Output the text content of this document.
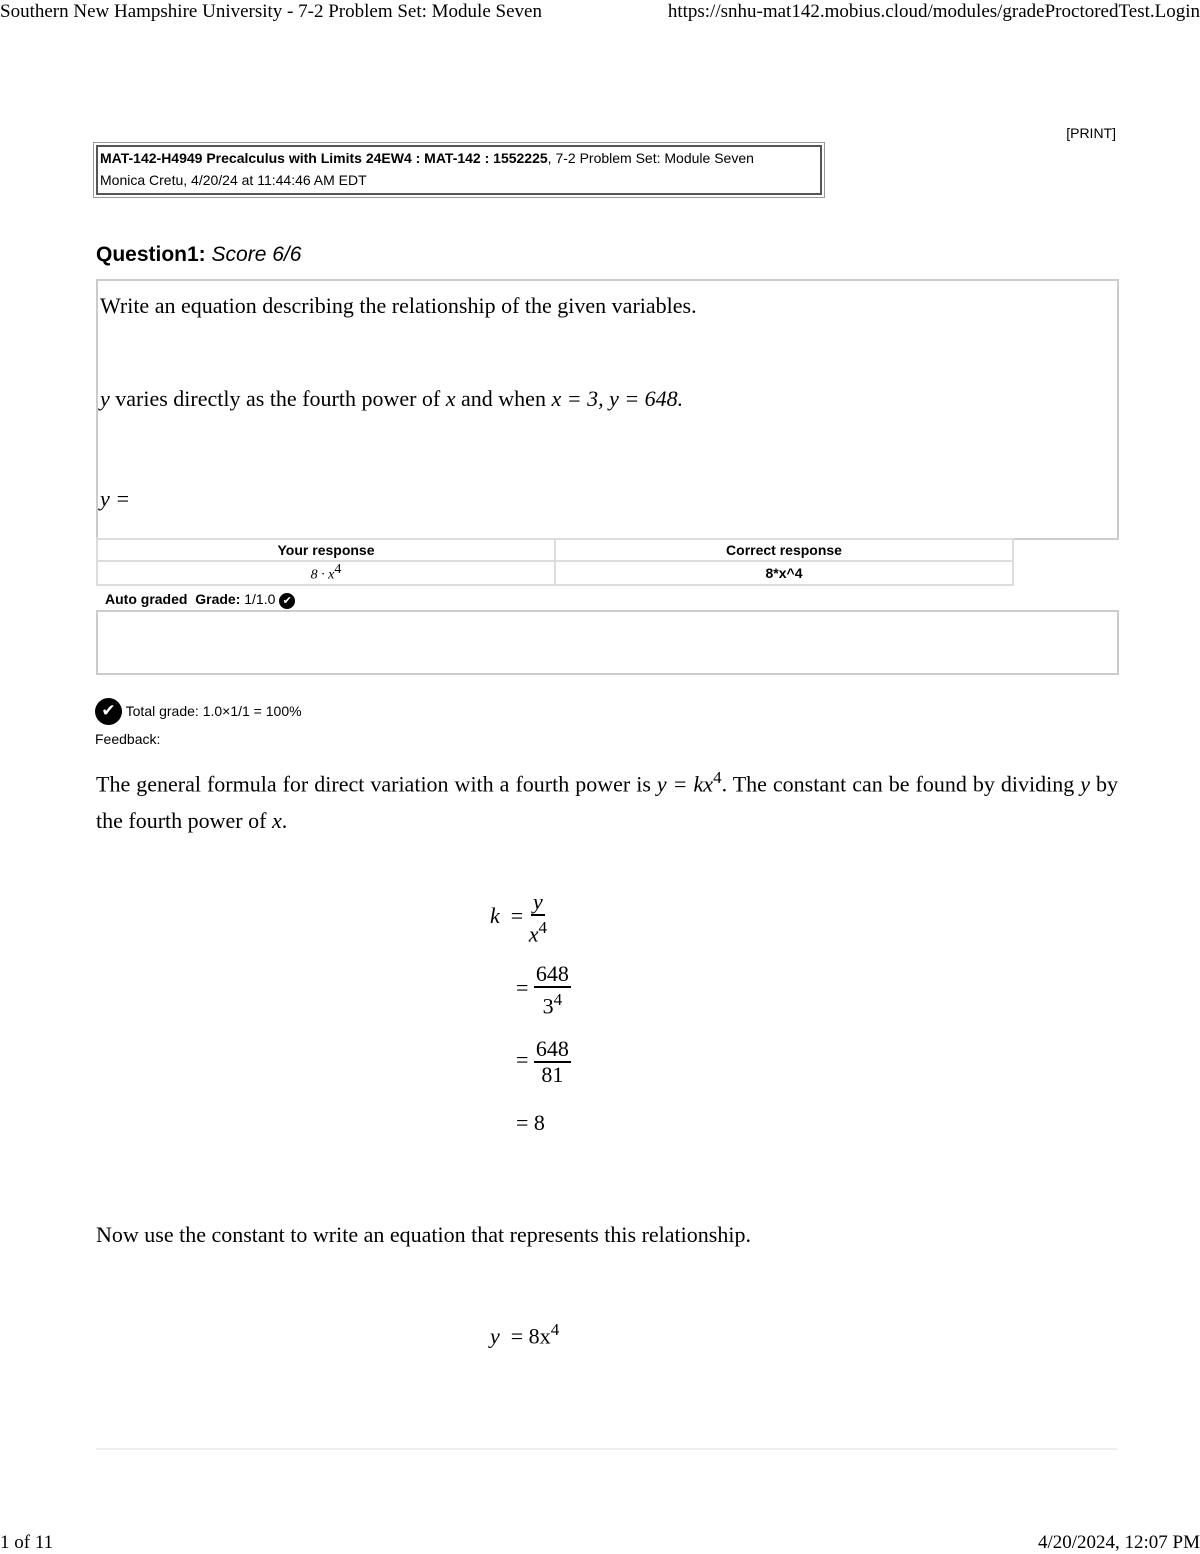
Southern New Hampshire University - 7-2 Problem Set: Module Seven	https://snhu-mat142.mobius.cloud/modules/gradeProctoredTest.Login
[PRINT]
MAT-142-H4949 Precalculus with Limits 24EW4 : MAT-142 : 1552225, 7-2 Problem Set: Module Seven
Monica Cretu, 4/20/24 at 11:44:46 AM EDT
Question1: Score 6/6
Write an equation describing the relationship of the given variables.
y varies directly as the fourth power of x and when x = 3, y = 648.
y =
Your response	Correct response
$8 \cdot x^4$	8*x^4
Auto graded Grade: 1/1.0 ✔
✔ Total grade: 1.0×1/1 = 100%
Feedback:
The general formula for direct variation with a fourth power is $y = kx^4$. The constant can be found by dividing y by the fourth power of x.
$k = \frac{y}{x^4}$
= $\frac{648}{3^4}$
= $\frac{648}{81}$
= 8
Now use the constant to write an equation that represents this relationship.
$y = 8x^4$
1 of 11	4/20/2024, 12:07 PM
